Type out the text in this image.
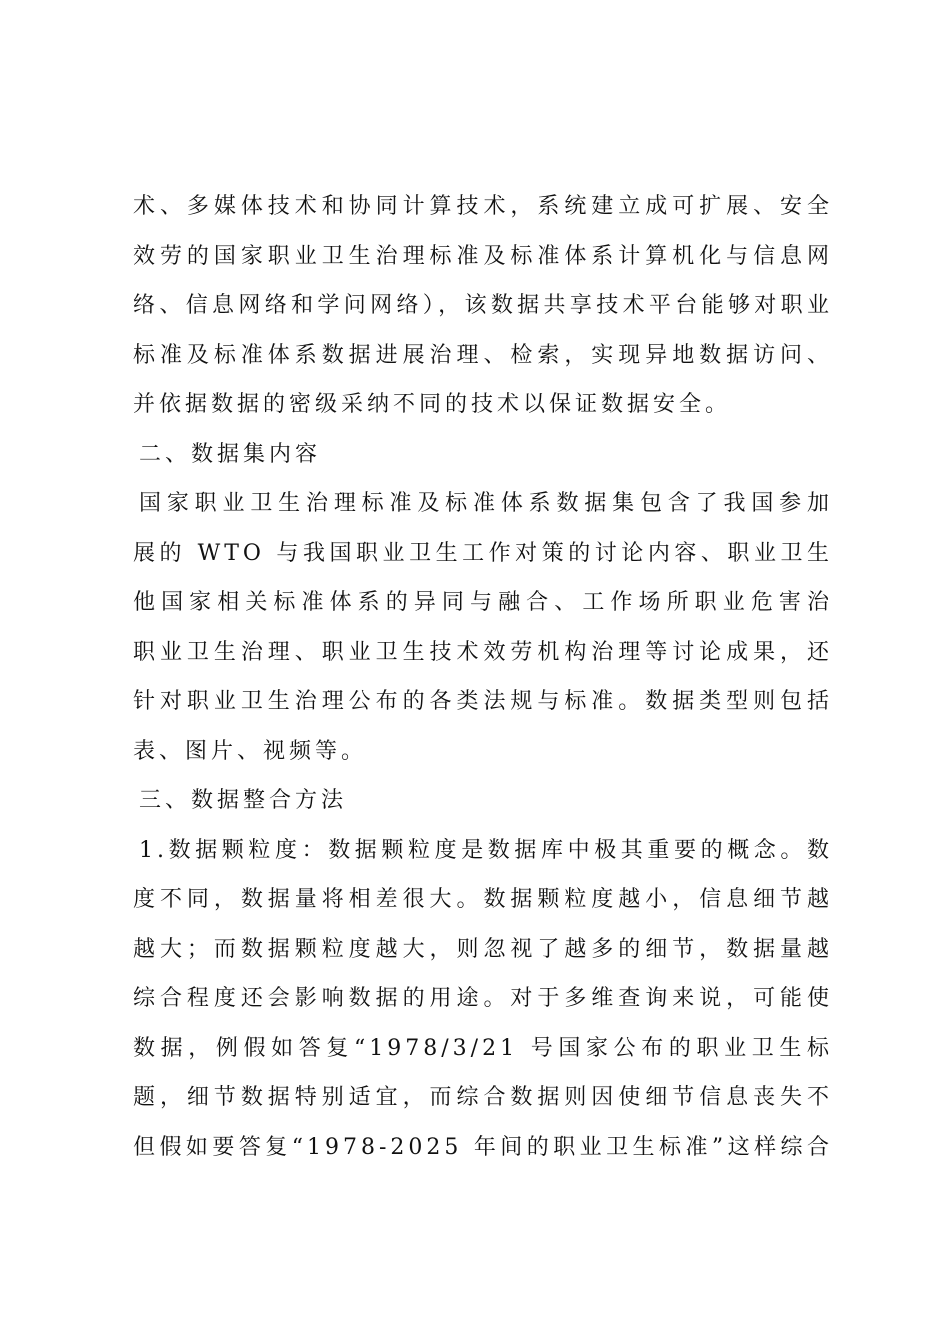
术、多媒体技术和协同计算技术，系统建立成可扩展、安全
效劳的国家职业卫生治理标准及标准体系计算机化与信息网
络、信息网络和学问网络），该数据共享技术平台能够对职业
标准及标准体系数据进展治理、检索，实现异地数据访问、
并依据数据的密级采纳不同的技术以保证数据安全。
二、数据集内容
国家职业卫生治理标准及标准体系数据集包含了我国参加
展的 WTO 与我国职业卫生工作对策的讨论内容、职业卫生
他国家相关标准体系的异同与融合、工作场所职业危害治
职业卫生治理、职业卫生技术效劳机构治理等讨论成果，还
针对职业卫生治理公布的各类法规与标准。数据类型则包括
表、图片、视频等。
三、数据整合方法
1.数据颗粒度：数据颗粒度是数据库中极其重要的概念。数
度不同，数据量将相差很大。数据颗粒度越小，信息细节越
越大；而数据颗粒度越大，则忽视了越多的细节，数据量越
综合程度还会影响数据的用途。对于多维查询来说，可能使
数据，例假如答复“1978/3/21 号国家公布的职业卫生标
题，细节数据特别适宜，而综合数据则因使细节信息丧失不
但假如要答复“1978-2025 年间的职业卫生标准”这样综合
